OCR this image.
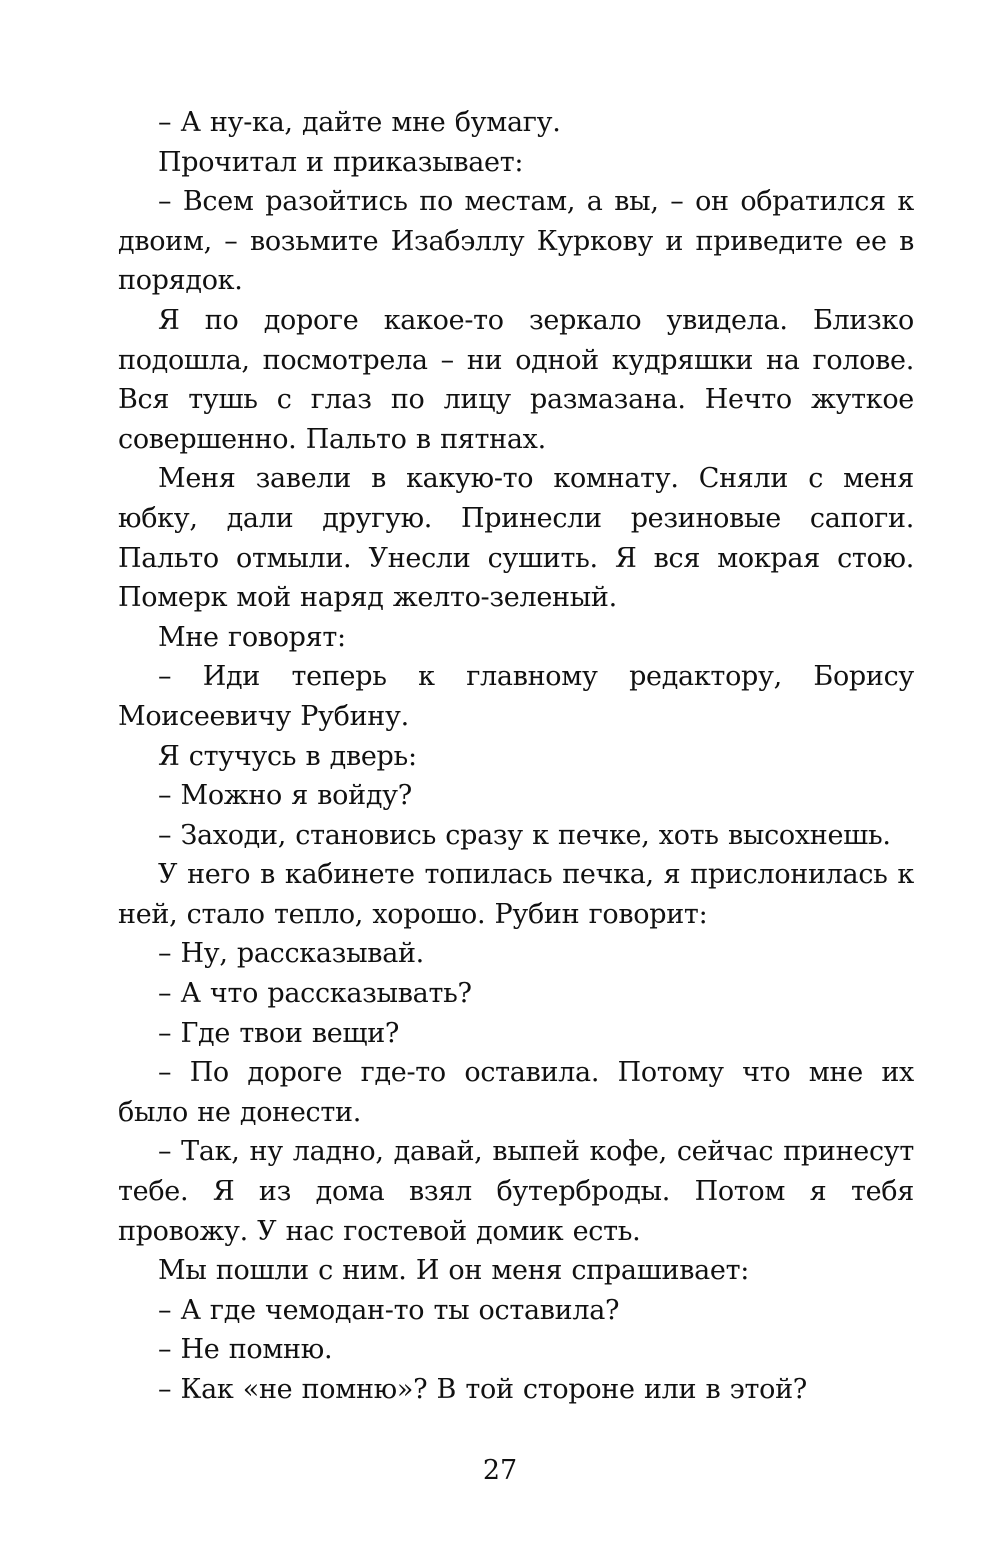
– А ну-ка, дайте мне бумагу.

Прочитал и приказывает:

– Всем разойтись по местам, а вы, – он обратился к двоим, – возьмите Изабэллу Куркову и приведите ее в порядок.

Я по дороге какое-то зеркало увидела. Близко подошла, посмотрела – ни одной кудряшки на голове. Вся тушь с глаз по лицу размазана. Нечто жуткое совершенно. Пальто в пятнах.

Меня завели в какую-то комнату. Сняли с меня юбку, дали другую. Принесли резиновые сапоги. Пальто отмыли. Унесли сушить. Я вся мокрая стою. Померк мой наряд желто-зеленый.

Мне говорят:

– Иди теперь к главному редактору, Борису Моисеевичу Рубину.

Я стучусь в дверь:

– Можно я войду?

– Заходи, становись сразу к печке, хоть высохнешь.

У него в кабинете топилась печка, я прислонилась к ней, стало тепло, хорошо. Рубин говорит:

– Ну, рассказывай.

– А что рассказывать?

– Где твои вещи?

– По дороге где-то оставила. Потому что мне их было не донести.

– Так, ну ладно, давай, выпей кофе, сейчас принесут тебе. Я из дома взял бутерброды. Потом я тебя провожу. У нас гостевой домик есть.

Мы пошли с ним. И он меня спрашивает:

– А где чемодан-то ты оставила?

– Не помню.

– Как «не помню»? В той стороне или в этой?

27
